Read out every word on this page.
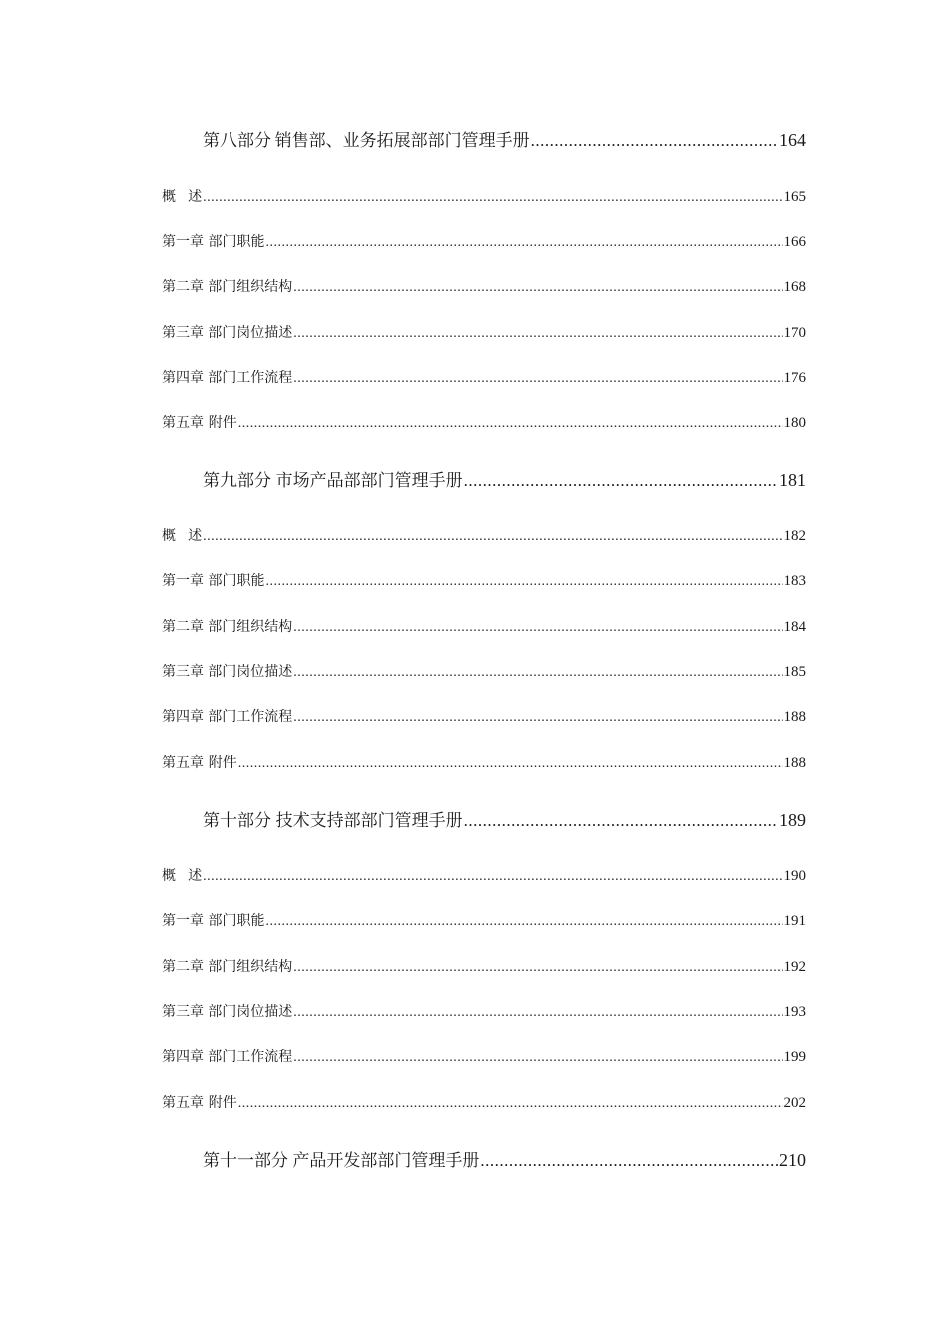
第八部分 销售部、业务拓展部部门管理手册 .....	164
概 述 .....	165
第一章 部门职能 .....	166
第二章 部门组织结构 .....	168
第三章 部门岗位描述 .....	170
第四章 部门工作流程 .....	176
第五章 附件 .....	180
第九部分 市场产品部部门管理手册 .....	181
概 述 .....	182
第一章 部门职能 .....	183
第二章 部门组织结构 .....	184
第三章 部门岗位描述 .....	185
第四章 部门工作流程 .....	188
第五章 附件 .....	188
第十部分 技术支持部部门管理手册 .....	189
概 述 .....	190
第一章 部门职能 .....	191
第二章 部门组织结构 .....	192
第三章 部门岗位描述 .....	193
第四章 部门工作流程 .....	199
第五章 附件 .....	202
第十一部分 产品开发部部门管理手册 .....	210
